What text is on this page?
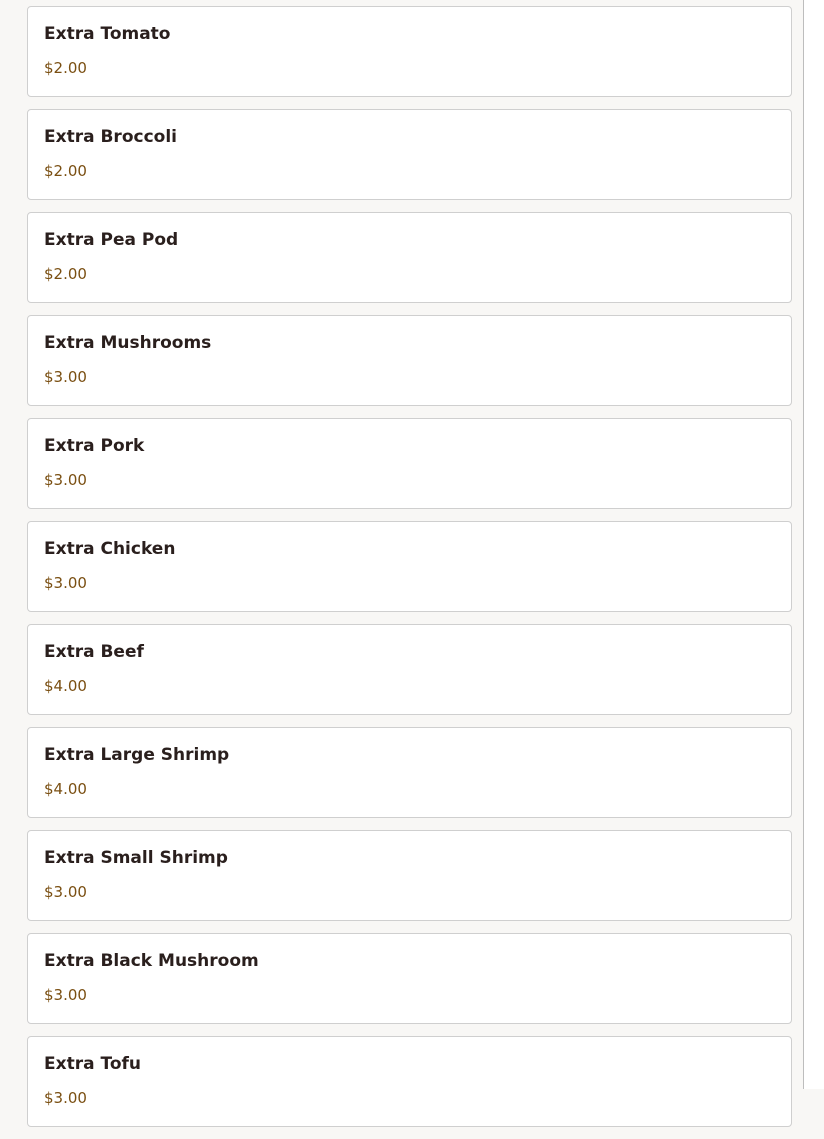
Extra Tomato
$2.00
Extra Broccoli
$2.00
Extra Pea Pod
$2.00
Extra Mushrooms
$3.00
Extra Pork
$3.00
Extra Chicken
$3.00
Extra Beef
$4.00
Extra Large Shrimp
$4.00
Extra Small Shrimp
$3.00
Extra Black Mushroom
$3.00
Extra Tofu
$3.00
